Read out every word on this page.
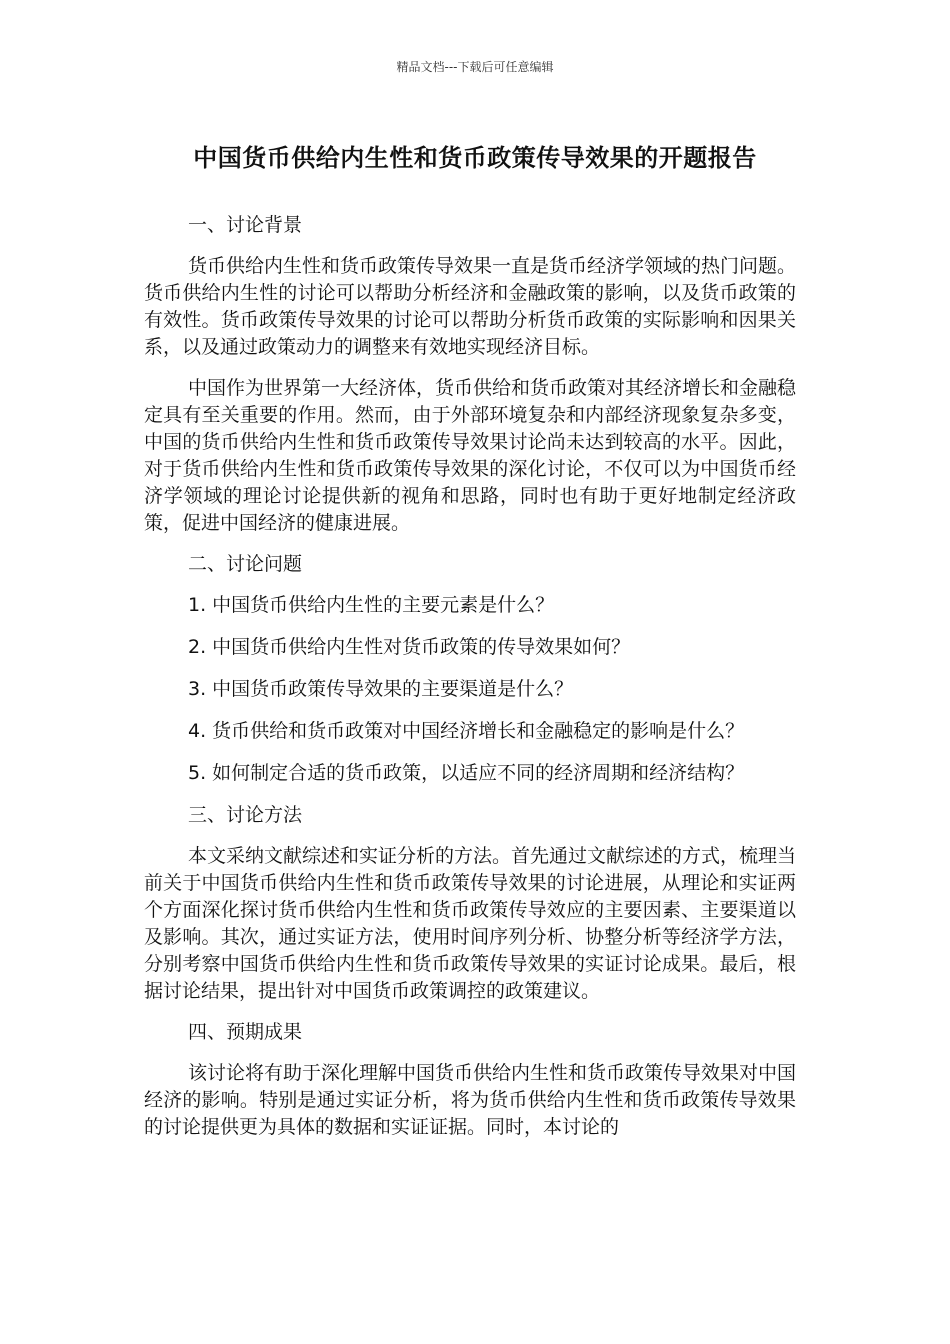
精品文档---下载后可任意编辑
中国货币供给内生性和货币政策传导效果的开题报告
一、讨论背景

货币供给内生性和货币政策传导效果一直是货币经济学领域的热门问题。货币供给内生性的讨论可以帮助分析经济和金融政策的影响，以及货币政策的有效性。货币政策传导效果的讨论可以帮助分析货币政策的实际影响和因果关系，以及通过政策动力的调整来有效地实现经济目标。

中国作为世界第一大经济体，货币供给和货币政策对其经济增长和金融稳定具有至关重要的作用。然而，由于外部环境复杂和内部经济现象复杂多变，中国的货币供给内生性和货币政策传导效果讨论尚未达到较高的水平。因此，对于货币供给内生性和货币政策传导效果的深化讨论，不仅可以为中国货币经济学领域的理论讨论提供新的视角和思路，同时也有助于更好地制定经济政策，促进中国经济的健康进展。

二、讨论问题
1. 中国货币供给内生性的主要元素是什么？
2. 中国货币供给内生性对货币政策的传导效果如何？
3. 中国货币政策传导效果的主要渠道是什么？
4. 货币供给和货币政策对中国经济增长和金融稳定的影响是什么？
5. 如何制定合适的货币政策，以适应不同的经济周期和经济结构？
三、讨论方法

本文采纳文献综述和实证分析的方法。首先通过文献综述的方式，梳理当前关于中国货币供给内生性和货币政策传导效果的讨论进展，从理论和实证两个方面深化探讨货币供给内生性和货币政策传导效应的主要因素、主要渠道以及影响。其次，通过实证方法，使用时间序列分析、协整分析等经济学方法，分别考察中国货币供给内生性和货币政策传导效果的实证讨论成果。最后，根据讨论结果，提出针对中国货币政策调控的政策建议。

四、预期成果

该讨论将有助于深化理解中国货币供给内生性和货币政策传导效果对中国经济的影响。特别是通过实证分析，将为货币供给内生性和货币政策传导效果的讨论提供更为具体的数据和实证证据。同时，本讨论的
